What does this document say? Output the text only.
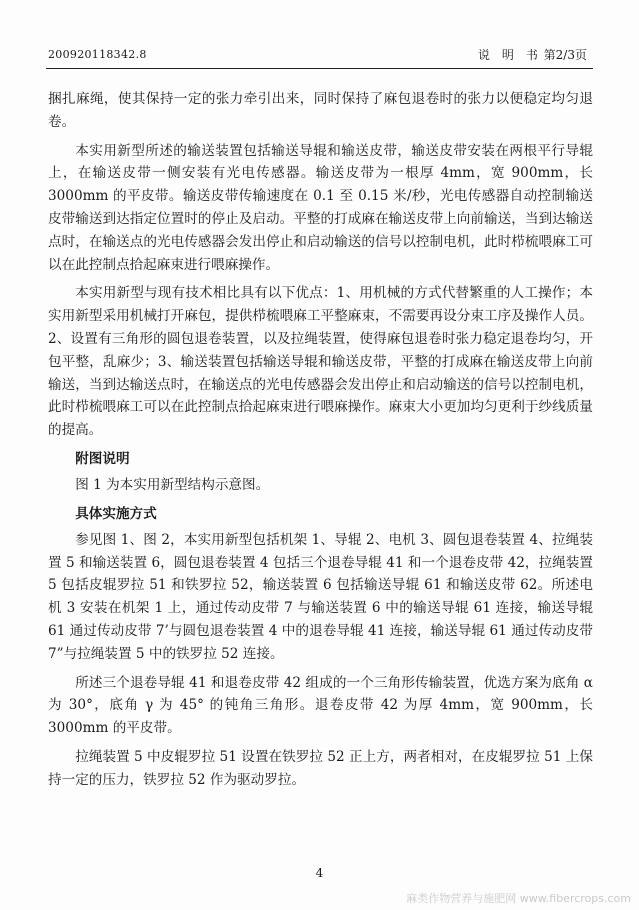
200920118342.8	说　明　书 第2/3页

捆扎麻绳，使其保持一定的张力牵引出来，同时保持了麻包退卷时的张力以便稳定均匀退卷。

本实用新型所述的输送装置包括输送导辊和输送皮带，输送皮带安装在两根平行导辊上，在输送皮带一侧安装有光电传感器。输送皮带为一根厚 4mm，宽 900mm，长 3000mm 的平皮带。输送皮带传输速度在 0.1 至 0.15 米/秒，光电传感器自动控制输送皮带输送到达指定位置时的停止及启动。平整的打成麻在输送皮带上向前输送，当到达输送点时，在输送点的光电传感器会发出停止和启动输送的信号以控制电机，此时栉梳喂麻工可以在此控制点拾起麻束进行喂麻操作。

本实用新型与现有技术相比具有以下优点：1、用机械的方式代替繁重的人工操作；本实用新型采用机械打开麻包，提供栉梳喂麻工平整麻束，不需要再设分束工序及操作人员。2、设置有三角形的圆包退卷装置，以及拉绳装置，使得麻包退卷时张力稳定退卷均匀，开包平整，乱麻少；3、输送装置包括输送导辊和输送皮带，平整的打成麻在输送皮带上向前输送，当到达输送点时，在输送点的光电传感器会发出停止和启动输送的信号以控制电机，此时栉梳喂麻工可以在此控制点拾起麻束进行喂麻操作。麻束大小更加均匀更利于纱线质量的提高。

附图说明

图 1 为本实用新型结构示意图。

具体实施方式

参见图 1、图 2，本实用新型包括机架 1、导辊 2、电机 3、圆包退卷装置 4、拉绳装置 5 和输送装置 6，圆包退卷装置 4 包括三个退卷导辊 41 和一个退卷皮带 42，拉绳装置 5 包括皮辊罗拉 51 和铁罗拉 52，输送装置 6 包括输送导辊 61 和输送皮带 62。所述电机 3 安装在机架 1 上，通过传动皮带 7 与输送装置 6 中的输送导辊 61 连接，输送导辊 61 通过传动皮带 7’与圆包退卷装置 4 中的退卷导辊 41 连接，输送导辊 61 通过传动皮带 7”与拉绳装置 5 中的铁罗拉 52 连接。

所述三个退卷导辊 41 和退卷皮带 42 组成的一个三角形传输装置，优选方案为底角 α 为 30°，底角 γ 为 45° 的钝角三角形。退卷皮带 42 为厚 4mm，宽 900mm，长 3000mm 的平皮带。

拉绳装置 5 中皮辊罗拉 51 设置在铁罗拉 52 正上方，两者相对，在皮辊罗拉 51 上保持一定的压力，铁罗拉 52 作为驱动罗拉。

4
麻类作物营养与施肥网 www.fibercrops.com
